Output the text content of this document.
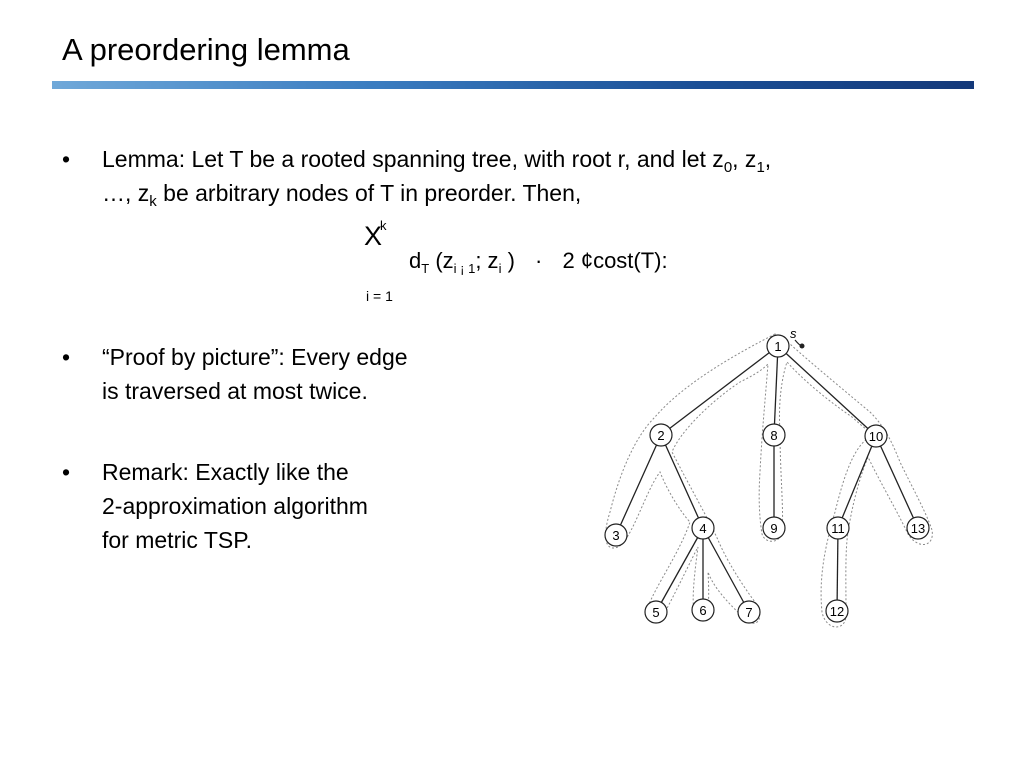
A preordering lemma
• Lemma: Let T be a rooted spanning tree, with root r, and let $z_0$, $z_1$,
…, $z_k$ be arbitrary nodes of T in preorder. Then,
X
k
i = 1
$d_T$ ($z_{i ¡ 1}$; $z_i$ ) · 2 ¢cost(T):
• “Proof by picture”: Every edge
is traversed at most twice.
• Remark: Exactly like the
2-approximation algorithm
for metric TSP.
s
1
2	8	10
3	4	9	11	13
5	6	7	12
